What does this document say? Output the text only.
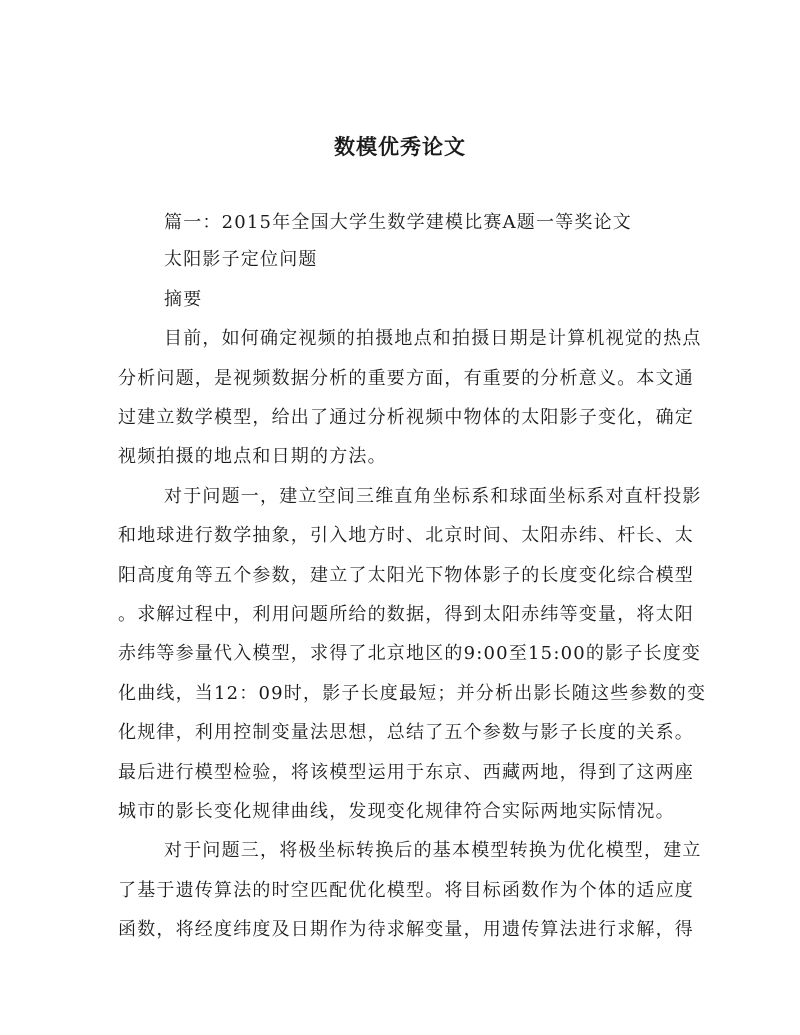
数模优秀论文
篇一：2015年全国大学生数学建模比赛A题一等奖论文
太阳影子定位问题
摘要
目前，如何确定视频的拍摄地点和拍摄日期是计算机视觉的热点
分析问题，是视频数据分析的重要方面，有重要的分析意义。本文通
过建立数学模型，给出了通过分析视频中物体的太阳影子变化，确定
视频拍摄的地点和日期的方法。
对于问题一，建立空间三维直角坐标系和球面坐标系对直杆投影
和地球进行数学抽象，引入地方时、北京时间、太阳赤纬、杆长、太
阳高度角等五个参数，建立了太阳光下物体影子的长度变化综合模型
。求解过程中，利用问题所给的数据，得到太阳赤纬等变量，将太阳
赤纬等参量代入模型，求得了北京地区的9:00至15:00的影子长度变
化曲线，当12：09时，影子长度最短；并分析出影长随这些参数的变
化规律，利用控制变量法思想，总结了五个参数与影子长度的关系。
最后进行模型检验，将该模型运用于东京、西藏两地，得到了这两座
城市的影长变化规律曲线，发现变化规律符合实际两地实际情况。
对于问题三，将极坐标转换后的基本模型转换为优化模型，建立
了基于遗传算法的时空匹配优化模型。将目标函数作为个体的适应度
函数，将经度纬度及日期作为待求解变量，用遗传算法进行求解，得
